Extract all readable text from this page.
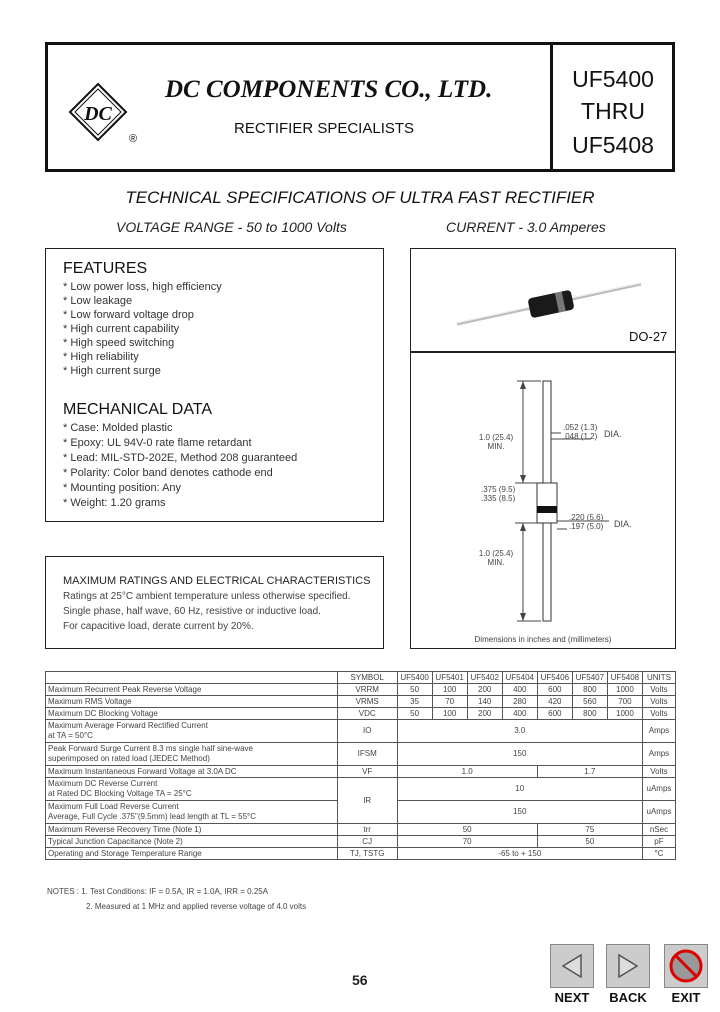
DC
®
DC COMPONENTS CO., LTD.
RECTIFIER SPECIALISTS
UF5400
THRU
UF5408
TECHNICAL SPECIFICATIONS OF ULTRA FAST RECTIFIER
VOLTAGE RANGE - 50 to 1000 Volts	CURRENT - 3.0 Amperes
FEATURES
* Low power loss, high efficiency
* Low leakage
* Low forward voltage drop
* High current capability
* High speed switching
* High reliability
* High current surge
MECHANICAL DATA
* Case: Molded plastic
* Epoxy: UL 94V-0 rate flame retardant
* Lead: MIL-STD-202E, Method 208 guaranteed
* Polarity: Color band denotes cathode end
* Mounting position: Any
* Weight: 1.20 grams
MAXIMUM RATINGS AND ELECTRICAL CHARACTERISTICS
Ratings at 25°C ambient temperature unless otherwise specified.
Single phase, half wave, 60 Hz, resistive or inductive load.
For capacitive load, derate current by 20%.
DO-27
1.0 (25.4)
MIN.
.052 (1.3)
.048 (1.2) DIA.
.375 (9.5)
.335 (8.5)
.220 (5.6)
.197 (5.0) DIA.
1.0 (25.4)
MIN.
Dimensions in inches and (millimeters)
	SYMBOL	UF5400	UF5401	UF5402	UF5404	UF5406	UF5407	UF5408	UNITS
Maximum Recurrent Peak Reverse Voltage	VRRM	50	100	200	400	600	800	1000	Volts
Maximum RMS Voltage	VRMS	35	70	140	280	420	560	700	Volts
Maximum DC Blocking Voltage	VDC	50	100	200	400	600	800	1000	Volts

Maximum Average Forward Rectified Current
at TA = 50°C	IO	3.0							Amps

Peak Forward Surge Current 8.3 ms single half sine-wave
superimposed on rated load (JEDEC Method)	IFSM	150							Amps
Maximum Instantaneous Forward Voltage at 3.0A DC	VF	1.0				1.7			Volts

Maximum DC Reverse Current
at Rated DC Blocking Voltage TA = 25°C	IR	10							uAmps

Maximum Full Load Reverse Current
Average, Full Cycle .375"(9.5mm) lead length at TL = 55°C		150							uAmps
Maximum Reverse Recovery Time (Note 1)	trr	50				75			nSec
Typical Junction Capacitance (Note 2)	CJ	70				50			pF
Operating and Storage Temperature Range	TJ, TSTG	-65 to + 150							°C
NOTES : 1. Test Conditions: IF = 0.5A, IR = 1.0A, IRR = 0.25A
2. Measured at 1 MHz and applied reverse voltage of 4.0 volts
56
NEXT	BACK	EXIT
